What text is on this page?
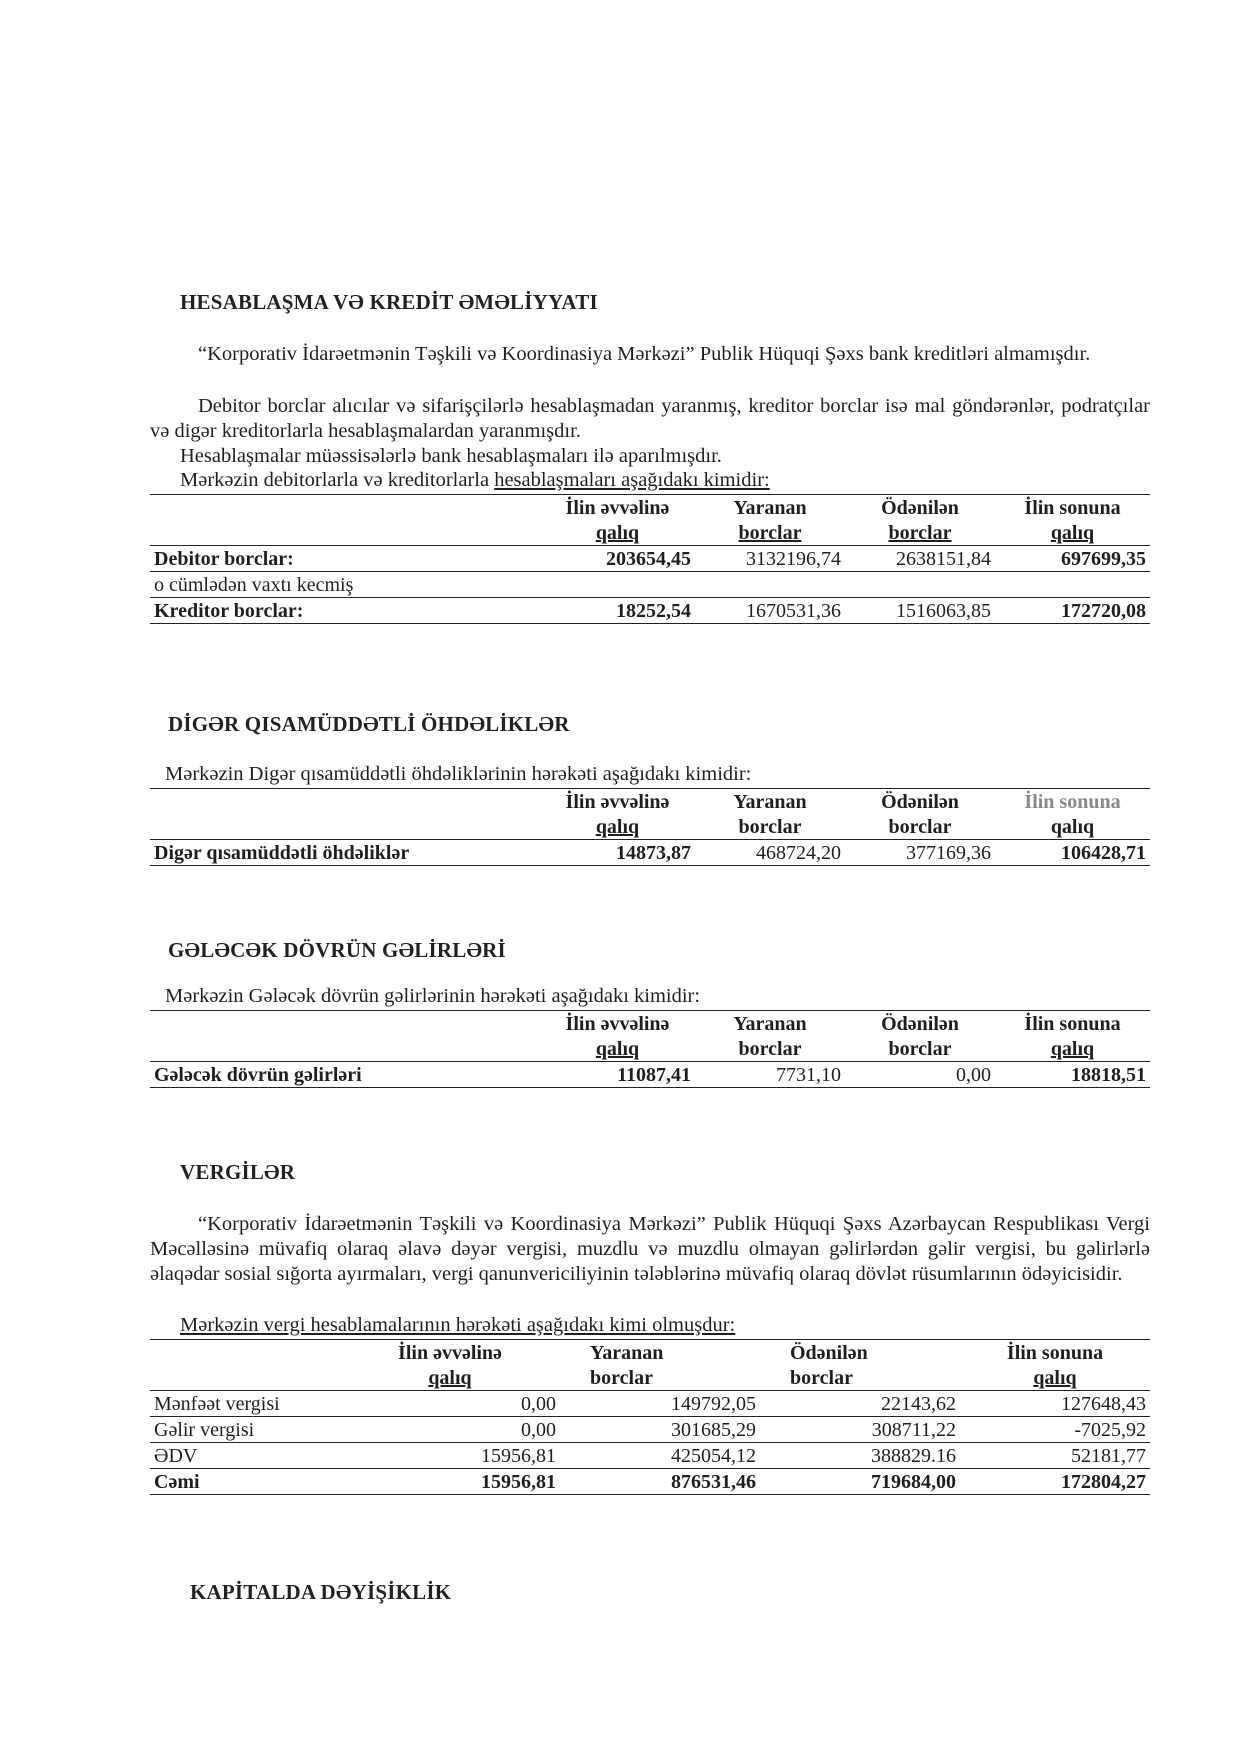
HESABLAŞMA VƏ KREDİT ƏMƏLİYYATI
“Korporativ İdarəetmənin Təşkili və Koordinasiya Mərkəzi” Publik Hüquqi Şəxs bank kreditləri almamışdır.
Debitor borclar alıcılar və sifarişçilərlə hesablaşmadan yaranmış, kreditor borclar isə mal göndərənlər, podratçılar və digər kreditorlarla hesablaşmalardan yaranmışdır.
Hesablaşmalar müəssisələrlə bank hesablaşmaları ilə aparılmışdır.
Mərkəzin debitorlarla və kreditorlarla hesablaşmaları aşağıdakı kimidir:
	İlin əvvəlinə	Yaranan	Ödənilən	İlin sonuna
	qalıq	borclar	borclar	qalıq
Debitor borclar:	203654,45	3132196,74	2638151,84	697699,35
o cümlədən vaxtı kecmiş				
Kreditor borclar:	18252,54	1670531,36	1516063,85	172720,08
DİGƏR QISAMÜDDƏTLİ ÖHDƏLİKLƏR
Mərkəzin Digər qısamüddətli öhdəliklərinin hərəkəti aşağıdakı kimidir:
	İlin əvvəlinə	Yaranan	Ödənilən	İlin sonuna
	qalıq	borclar	borclar	qalıq
Digər qısamüddətli öhdəliklər	14873,87	468724,20	377169,36	106428,71
GƏLƏCƏK DÖVRÜN GƏLİRLƏRİ
Mərkəzin Gələcək dövrün gəlirlərinin hərəkəti aşağıdakı kimidir:
	İlin əvvəlinə	Yaranan	Ödənilən	İlin sonuna
	qalıq	borclar	borclar	qalıq
Gələcək dövrün gəlirləri	11087,41	7731,10	0,00	18818,51
VERGİLƏR
“Korporativ İdarəetmənin Təşkili və Koordinasiya Mərkəzi” Publik Hüquqi Şəxs Azərbaycan Respublikası Vergi Məcəlləsinə müvafiq olaraq əlavə dəyər vergisi, muzdlu və muzdlu olmayan gəlirlərdən gəlir vergisi, bu gəlirlərlə əlaqədar sosial sığorta ayırmaları, vergi qanunvericiliyinin tələblərinə müvafiq olaraq dövlət rüsumlarının ödəyicisidir.
Mərkəzin vergi hesablamalarının hərəkəti aşağıdakı kimi olmuşdur:
	İlin əvvəlinə	Yaranan	Ödənilən	İlin sonuna
	qalıq	borclar	borclar	qalıq
Mənfəət vergisi	0,00	149792,05	22143,62	127648,43
Gəlir vergisi	0,00	301685,29	308711,22	-7025,92
ƏDV	15956,81	425054,12	388829.16	52181,77
Cəmi	15956,81	876531,46	719684,00	172804,27
KAPİTALDA DƏYİŞİKLİK
